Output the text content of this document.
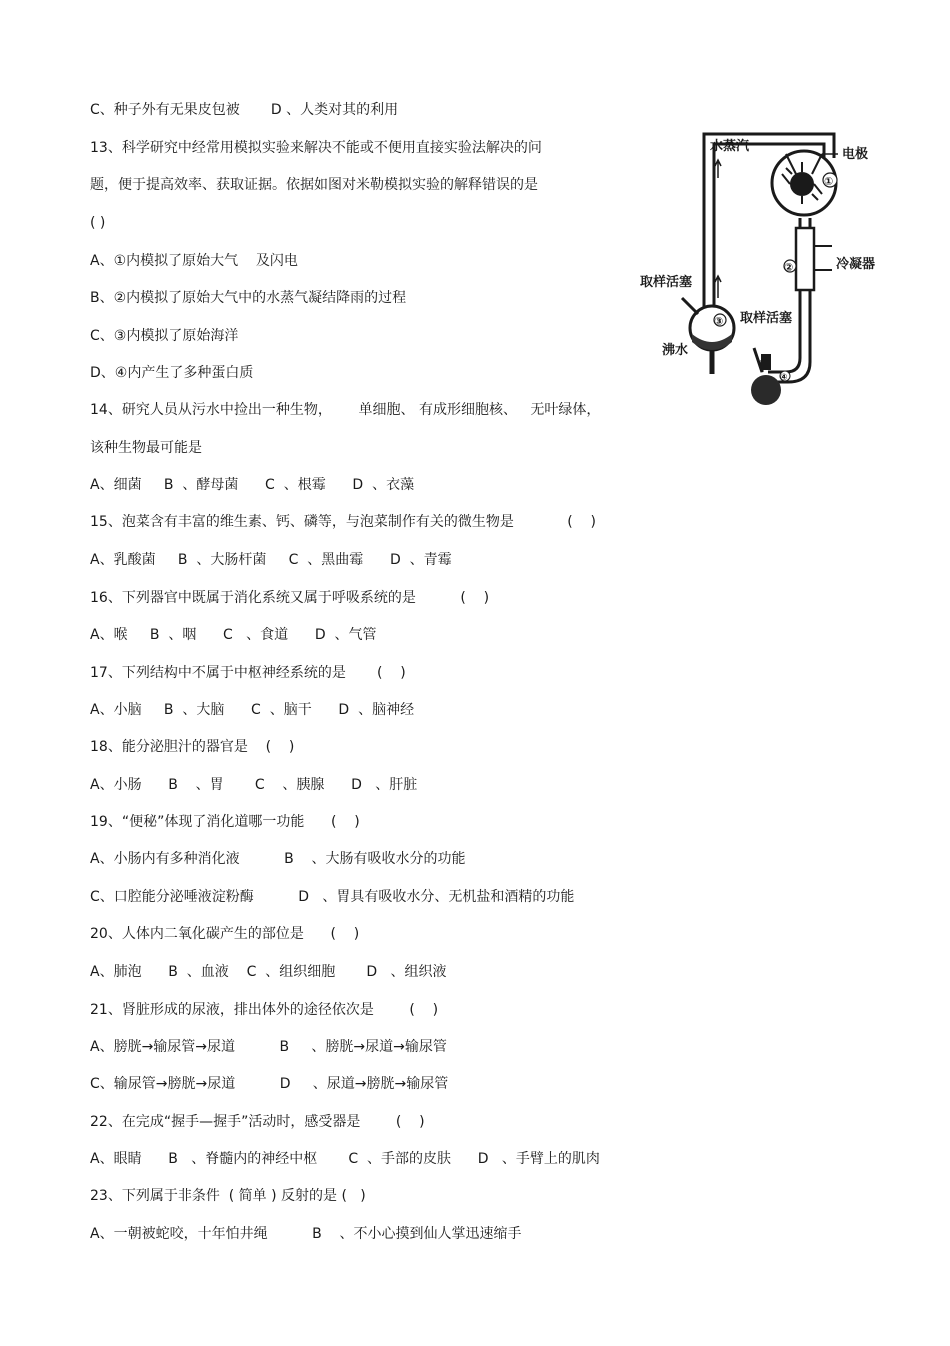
C、种子外有无果皮包被       D 、人类对其的利用
13、科学研究中经常用模拟实验来解决不能或不便用直接实验法解决的问
题，便于提高效率、获取证据。依据如图对米勒模拟实验的解释错误的是
( )
A、①内模拟了原始大气    及闪电
B、②内模拟了原始大气中的水蒸气凝结降雨的过程
C、③内模拟了原始海洋
D、④内产生了多种蛋白质
14、研究人员从污水中捡出一种生物，      单细胞、 有成形细胞核、   无叶绿体，
该种生物最可能是
A、细菌     B  、酵母菌      C  、根霉      D  、衣藻
15、泡菜含有丰富的维生素、钙、磷等，与泡菜制作有关的微生物是            (    )
A、乳酸菌     B  、大肠杆菌     C  、黑曲霉      D  、青霉
16、下列器官中既属于消化系统又属于呼吸系统的是          (    )
A、喉     B  、咽      C   、食道      D  、气管
17、下列结构中不属于中枢神经系统的是       (    )
A、小脑     B  、大脑      C  、脑干      D  、脑神经
18、能分泌胆汁的器官是    (    )
A、小肠      B    、胃       C    、胰腺      D   、肝脏
19、“便秘”体现了消化道哪一功能      (    )
A、小肠内有多种消化液          B    、大肠有吸收水分的功能
C、口腔能分泌唾液淀粉酶          D   、胃具有吸收水分、无机盐和酒精的功能
20、人体内二氧化碳产生的部位是      (    )
A、肺泡      B  、血液    C  、组织细胞       D   、组织液
21、肾脏形成的尿液，排出体外的途径依次是        (    )
A、膀胱→输尿管→尿道          B     、膀胱→尿道→输尿管
C、输尿管→膀胱→尿道          D     、尿道→膀胱→输尿管
22、在完成“握手—握手”活动时，感受器是        (    )
A、眼睛      B   、脊髓内的神经中枢       C  、手部的皮肤      D   、手臂上的肌肉
23、下列属于非条件  ( 简单 ) 反射的是 (   )
A、一朝被蛇咬，十年怕井绳          B    、不小心摸到仙人掌迅速缩手
水蒸汽
电极
冷凝器
取样活塞
取样活塞
沸水
①
②
③
④
